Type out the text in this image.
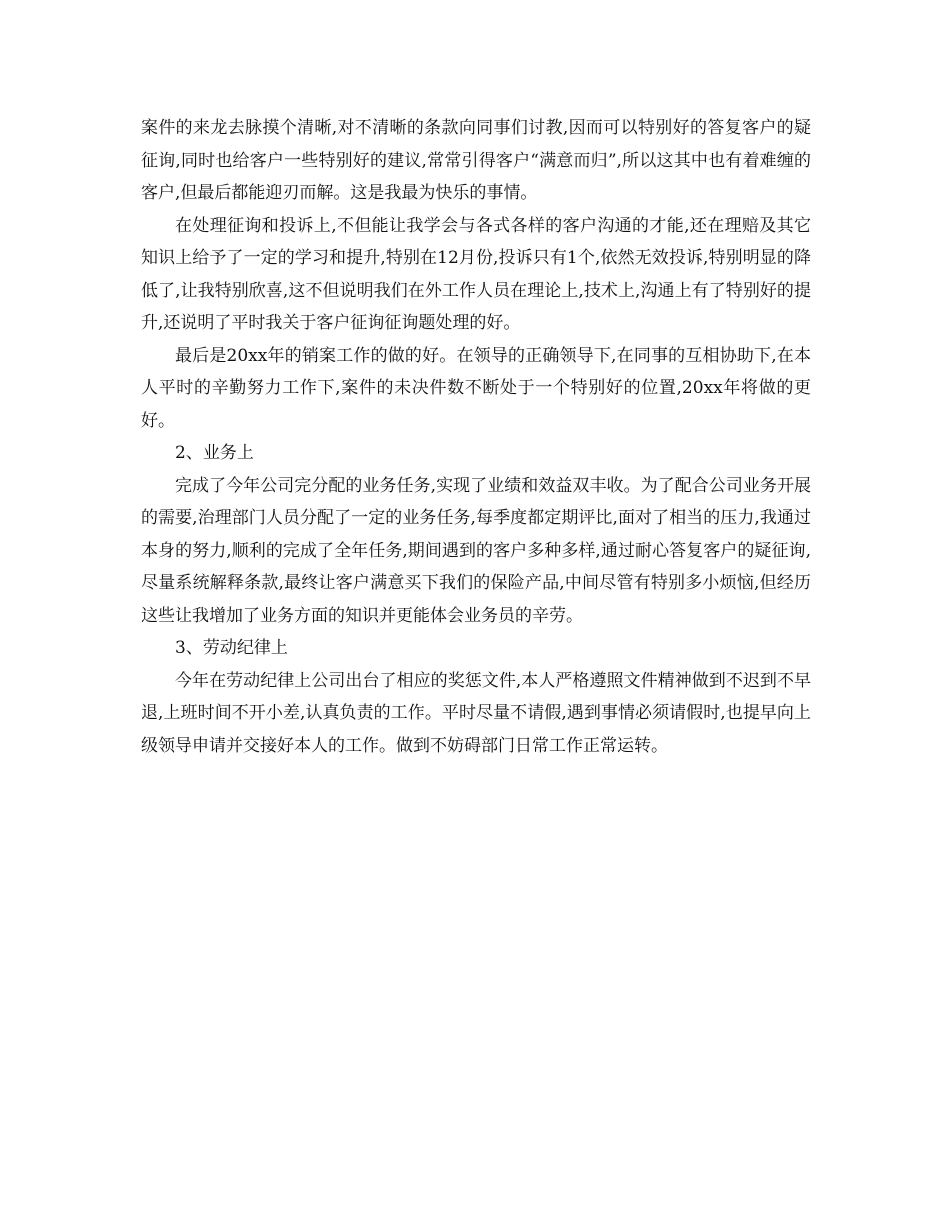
案件的来龙去脉摸个清晰,对不清晰的条款向同事们讨教,因而可以特别好的答复客户的疑征询,同时也给客户一些特别好的建议,常常引得客户“满意而归”,所以这其中也有着难缠的客户,但最后都能迎刃而解。这是我最为快乐的事情。

在处理征询和投诉上,不但能让我学会与各式各样的客户沟通的才能,还在理赔及其它知识上给予了一定的学习和提升,特别在12月份,投诉只有1个,依然无效投诉,特别明显的降低了,让我特别欣喜,这不但说明我们在外工作人员在理论上,技术上,沟通上有了特别好的提升,还说明了平时我关于客户征询征询题处理的好。

最后是20xx年的销案工作的做的好。在领导的正确领导下,在同事的互相协助下,在本人平时的辛勤努力工作下,案件的未决件数不断处于一个特别好的位置,20xx年将做的更好。

2、业务上

完成了今年公司完分配的业务任务,实现了业绩和效益双丰收。为了配合公司业务开展的需要,治理部门人员分配了一定的业务任务,每季度都定期评比,面对了相当的压力,我通过本身的努力,顺利的完成了全年任务,期间遇到的客户多种多样,通过耐心答复客户的疑征询,尽量系统解释条款,最终让客户满意买下我们的保险产品,中间尽管有特别多小烦恼,但经历这些让我增加了业务方面的知识并更能体会业务员的辛劳。

3、劳动纪律上

今年在劳动纪律上公司出台了相应的奖惩文件,本人严格遵照文件精神做到不迟到不早退,上班时间不开小差,认真负责的工作。平时尽量不请假,遇到事情必须请假时,也提早向上级领导申请并交接好本人的工作。做到不妨碍部门日常工作正常运转。
